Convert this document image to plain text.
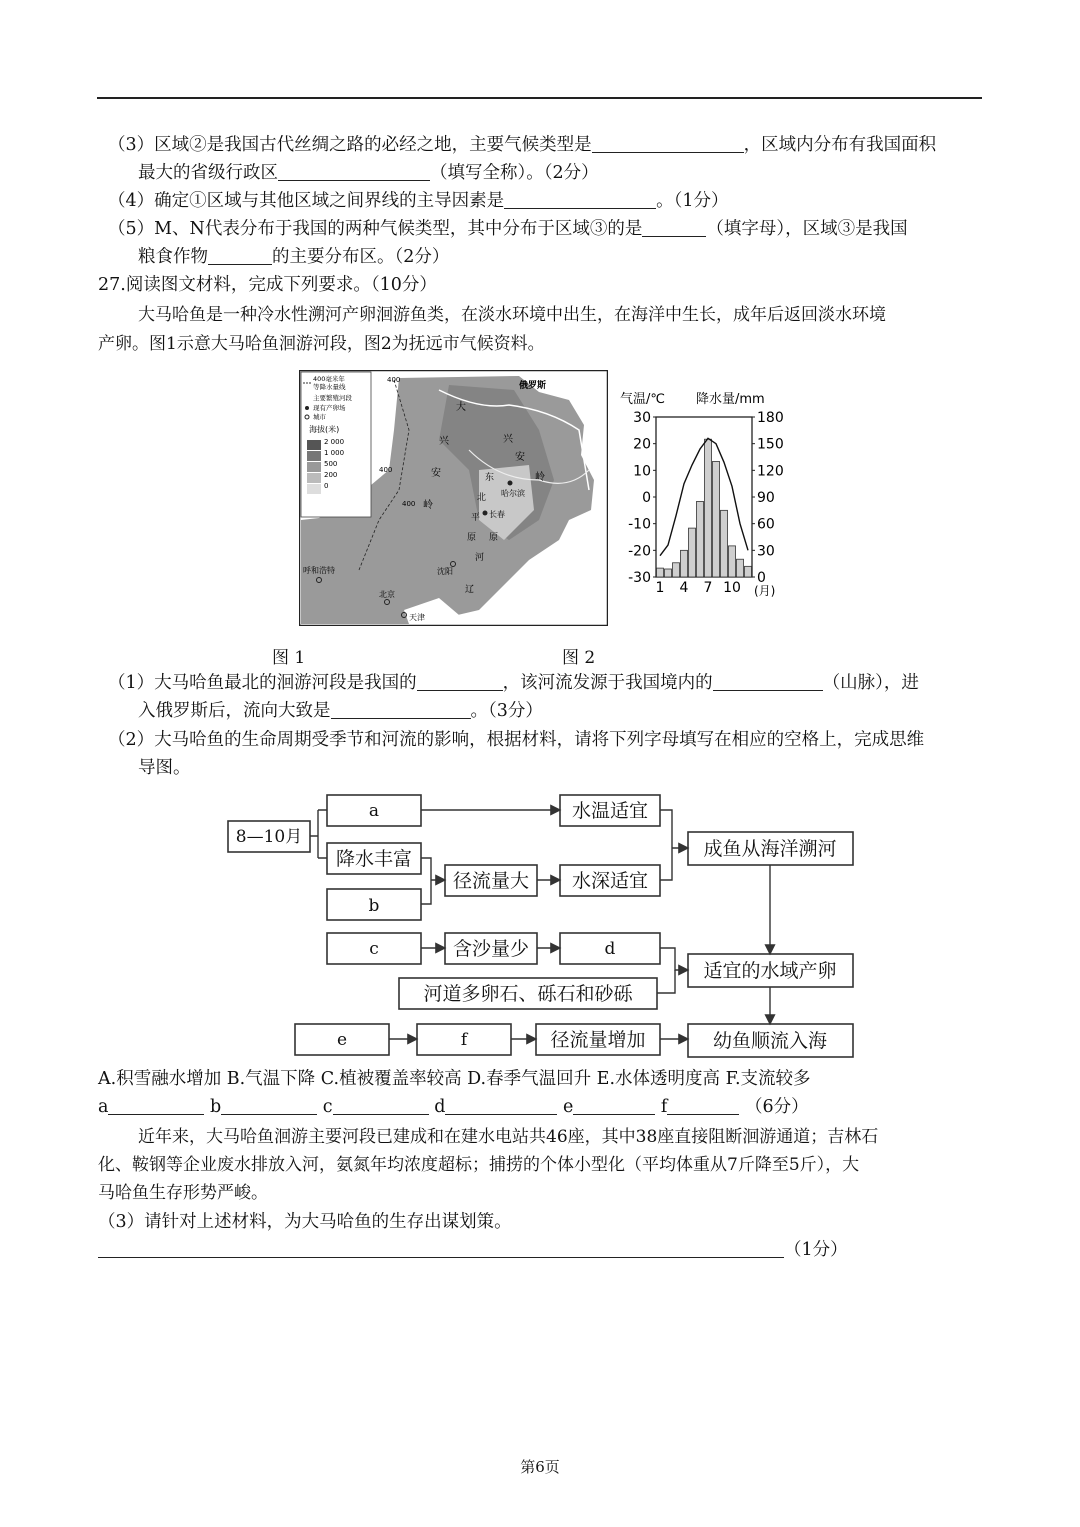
（3）区域②是我国古代丝绸之路的必经之地，主要气候类型是	，区域内分布有我国面积
最大的省级行政区	（填写全称）。（2分）
（4）确定①区域与其他区域之间界线的主导因素是	。（1分）
（5）M、N代表分布于我国的两种气候类型，其中分布于区域③的是	（填字母），区域③是我国
粮食作物	的主要分布区。（2分）
27.阅读图文材料，完成下列要求。（10分）
大马哈鱼是一种冷水性溯河产卵洄游鱼类，在淡水环境中出生，在海洋中生长，成年后返回淡水环境
产卵。图1示意大马哈鱼洄游河段，图2为抚远市气候资料。
400毫米年
等降水量线
主要繁殖河段
现有产卵场
城市
海拔(米)
2 000
1 000
500
200
0
俄罗斯
400
400
400
大
兴
安
岭
兴
安
岭
东
北
平
原
哈尔滨
长春
沈阳
呼和浩特
北京
天津
辽
河
原
气温/℃ 降水量/mm
30
20
10
0
-10
-20
-30
180
150
120
90
60
30
0
1 4 7 10 (月)
图 1	图 2
（1）大马哈鱼最北的洄游河段是我国的	，该河流发源于我国境内的	（山脉），进
入俄罗斯后，流向大致是	。（3分）
（2）大马哈鱼的生命周期受季节和河流的影响，根据材料，请将下列字母填写在相应的空格上，完成思维
导图。
8—10月
a	水温适宜
成鱼从海洋溯河
降水丰富
径流量大 水深适宜
b
c	含沙量少	d
适宜的水域产卵
河道多卵石、砾石和砂砾
e	f	径流量增加	幼鱼顺流入海
A.积雪融水增加 B.气温下降 C.植被覆盖率较高 D.春季气温回升 E.水体透明度高 F.支流较多
a	b	c	d	e	f	（6分）
近年来，大马哈鱼洄游主要河段已建成和在建水电站共46座，其中38座直接阻断洄游通道；吉林石
化、鞍钢等企业废水排放入河，氨氮年均浓度超标；捕捞的个体小型化（平均体重从7斤降至5斤），大
马哈鱼生存形势严峻。
（3）请针对上述材料，为大马哈鱼的生存出谋划策。
（1分）
第6页
